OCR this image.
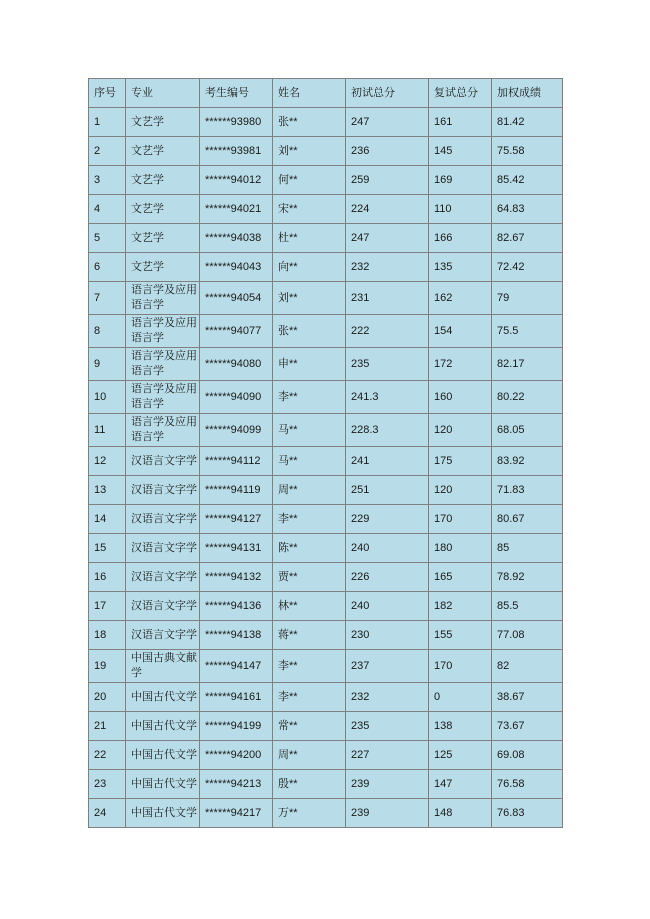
序号	专业	考生编号	姓名	初试总分	复试总分	加权成绩
1	文艺学	******93980	张**	247	161	81.42
2	文艺学	******93981	刘**	236	145	75.58
3	文艺学	******94012	何**	259	169	85.42
4	文艺学	******94021	宋**	224	110	64.83
5	文艺学	******94038	杜**	247	166	82.67
6	文艺学	******94043	向**	232	135	72.42
7	语言学及应用语言学	******94054	刘**	231	162	79
8	语言学及应用语言学	******94077	张**	222	154	75.5
9	语言学及应用语言学	******94080	申**	235	172	82.17
10	语言学及应用语言学	******94090	李**	241.3	160	80.22
11	语言学及应用语言学	******94099	马**	228.3	120	68.05
12	汉语言文字学	******94112	马**	241	175	83.92
13	汉语言文字学	******94119	周**	251	120	71.83
14	汉语言文字学	******94127	李**	229	170	80.67
15	汉语言文字学	******94131	陈**	240	180	85
16	汉语言文字学	******94132	贾**	226	165	78.92
17	汉语言文字学	******94136	林**	240	182	85.5
18	汉语言文字学	******94138	蒋**	230	155	77.08
19	中国古典文献学	******94147	李**	237	170	82
20	中国古代文学	******94161	李**	232	0	38.67
21	中国古代文学	******94199	常**	235	138	73.67
22	中国古代文学	******94200	周**	227	125	69.08
23	中国古代文学	******94213	殷**	239	147	76.58
24	中国古代文学	******94217	万**	239	148	76.83
